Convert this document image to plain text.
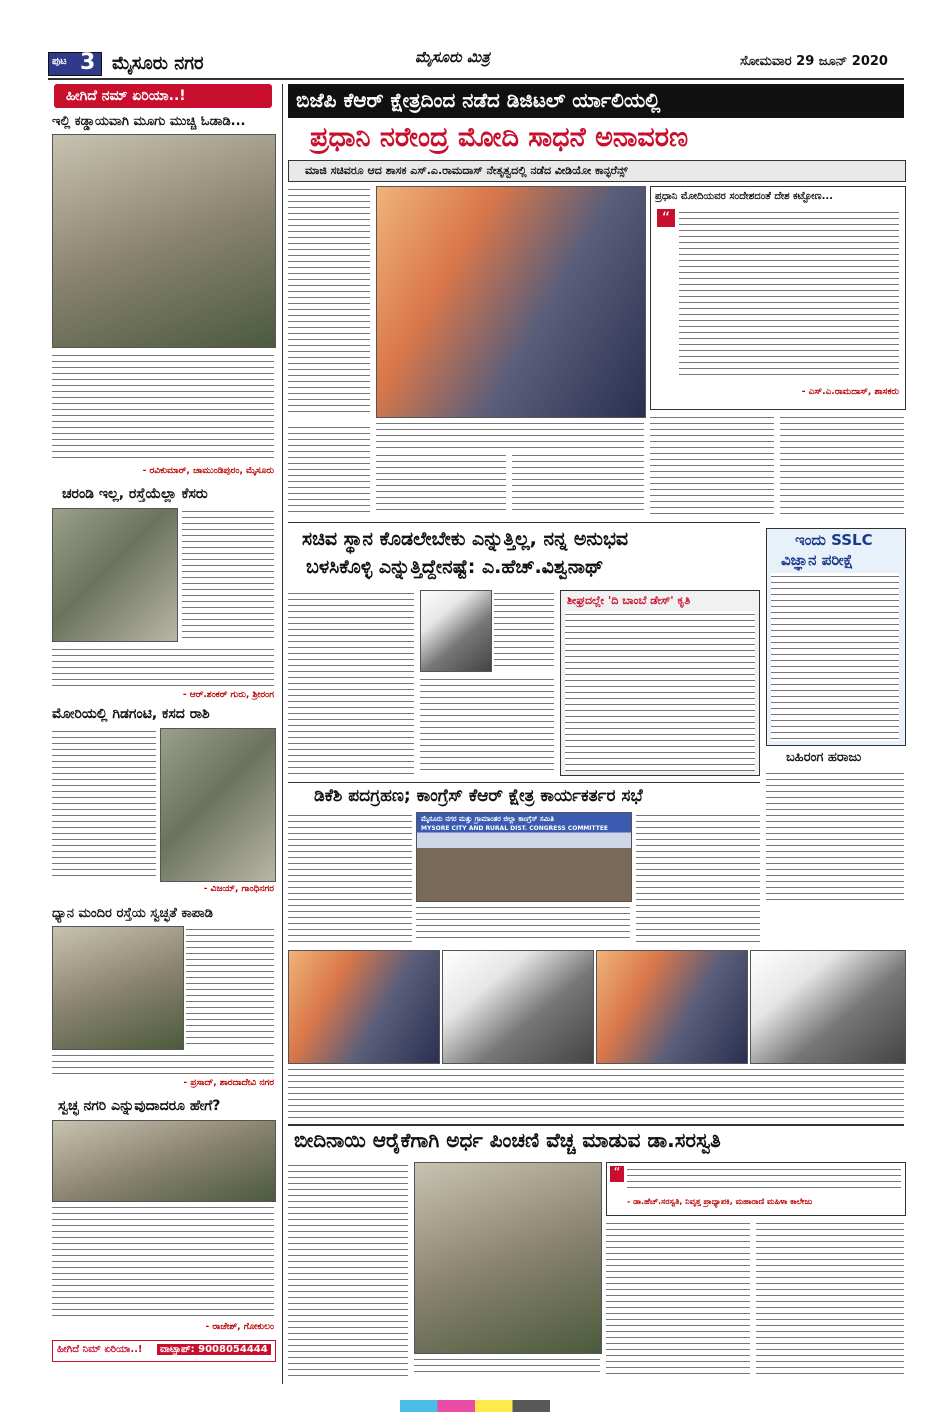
ಪುಟ 3 ಮೈಸೂರು ನಗರ	ಮೈಸೂರು ಮಿತ್ರ	ಸೋಮವಾರ 29 ಜೂನ್ 2020
ಹೀಗಿದೆ ನಮ್ ಏರಿಯಾ..!
ಇಲ್ಲಿ ಕಡ್ಡಾಯವಾಗಿ ಮೂಗು ಮುಚ್ಚಿ ಓಡಾಡಿ...
- ರವಿಕುಮಾರ್, ಚಾಮುಂಡಿಪುರಂ, ಮೈಸೂರು
ಚರಂಡಿ ಇಲ್ಲ, ರಸ್ತೆಯೆಲ್ಲಾ ಕೆಸರು
- ಆರ್.ಶಂಕರ್ ಗುರು, ಶ್ರೀರಂಗ
ಮೋರಿಯಲ್ಲಿ ಗಿಡಗಂಟಿ, ಕಸದ ರಾಶಿ
- ವಿಜಯ್, ಗಾಂಧಿನಗರ
ಧ್ಯಾನ ಮಂದಿರ ರಸ್ತೆಯ ಸ್ವಚ್ಛತೆ ಕಾಪಾಡಿ
- ಪ್ರಸಾದ್, ಶಾರದಾದೇವಿ ನಗರ
ಸ್ವಚ್ಛ ನಗರಿ ಎನ್ನುವುದಾದರೂ ಹೇಗೆ?
- ರಾಜೇಶ್, ಗೋಕುಲಂ
ಹೀಗಿದೆ ನಿಮ್ ಏರಿಯಾ..!	ವಾಟ್ಸಾಪ್: 9008054444
ಬಿಜೆಪಿ ಕೆಆರ್ ಕ್ಷೇತ್ರದಿಂದ ನಡೆದ ಡಿಜಿಟಲ್ ರ್ಯಾಲಿಯಲ್ಲಿ
ಪ್ರಧಾನಿ ನರೇಂದ್ರ ಮೋದಿ ಸಾಧನೆ ಅನಾವರಣ
ಮಾಜಿ ಸಚಿವರೂ ಆದ ಶಾಸಕ ಎಸ್.ಎ.ರಾಮದಾಸ್ ನೇತೃತ್ವದಲ್ಲಿ ನಡೆದ ವೀಡಿಯೋ ಕಾನ್ಫರೆನ್ಸ್
ಪ್ರಧಾನಿ ಮೋದಿಯವರ ಸಂದೇಶದಂತೆ ದೇಶ ಕಟ್ಟೋಣ...
“
- ಎಸ್.ಎ.ರಾಮದಾಸ್, ಶಾಸಕರು
ಸಚಿವ ಸ್ಥಾನ ಕೊಡಲೇಬೇಕು ಎನ್ನುತ್ತಿಲ್ಲ, ನನ್ನ ಅನುಭವ
ಬಳಸಿಕೊಳ್ಳಿ ಎನ್ನುತ್ತಿದ್ದೇನಷ್ಟೆ: ಎ.ಹೆಚ್.ವಿಶ್ವನಾಥ್
ಶೀಘ್ರದಲ್ಲೇ 'ದಿ ಬಾಂಬೆ ಡೇಸ್' ಕೃತಿ
ಇಂದು SSLC
ವಿಜ್ಞಾನ ಪರೀಕ್ಷೆ
ಬಹಿರಂಗ ಹರಾಜು
ಡಿಕೆಶಿ ಪದಗ್ರಹಣ; ಕಾಂಗ್ರೆಸ್ ಕೆಆರ್ ಕ್ಷೇತ್ರ ಕಾರ್ಯಕರ್ತರ ಸಭೆ
ಮೈಸೂರು ನಗರ ಮತ್ತು ಗ್ರಾಮಾಂತರ ಜಿಲ್ಲಾ ಕಾಂಗ್ರೆಸ್ ಸಮಿತಿ
MYSORE CITY AND RURAL DIST. CONGRESS COMMITTEE
ಬೀದಿನಾಯಿ ಆರೈಕೆಗಾಗಿ ಅರ್ಧ ಪಿಂಚಣಿ ವೆಚ್ಚ ಮಾಡುವ ಡಾ.ಸರಸ್ವತಿ
“
- ಡಾ.ಹೆಚ್.ಸರಸ್ವತಿ, ನಿವೃತ್ತ ಪ್ರಾಧ್ಯಾಪಕಿ, ಮಹಾರಾಣಿ ಮಹಿಳಾ ಕಾಲೇಜು
